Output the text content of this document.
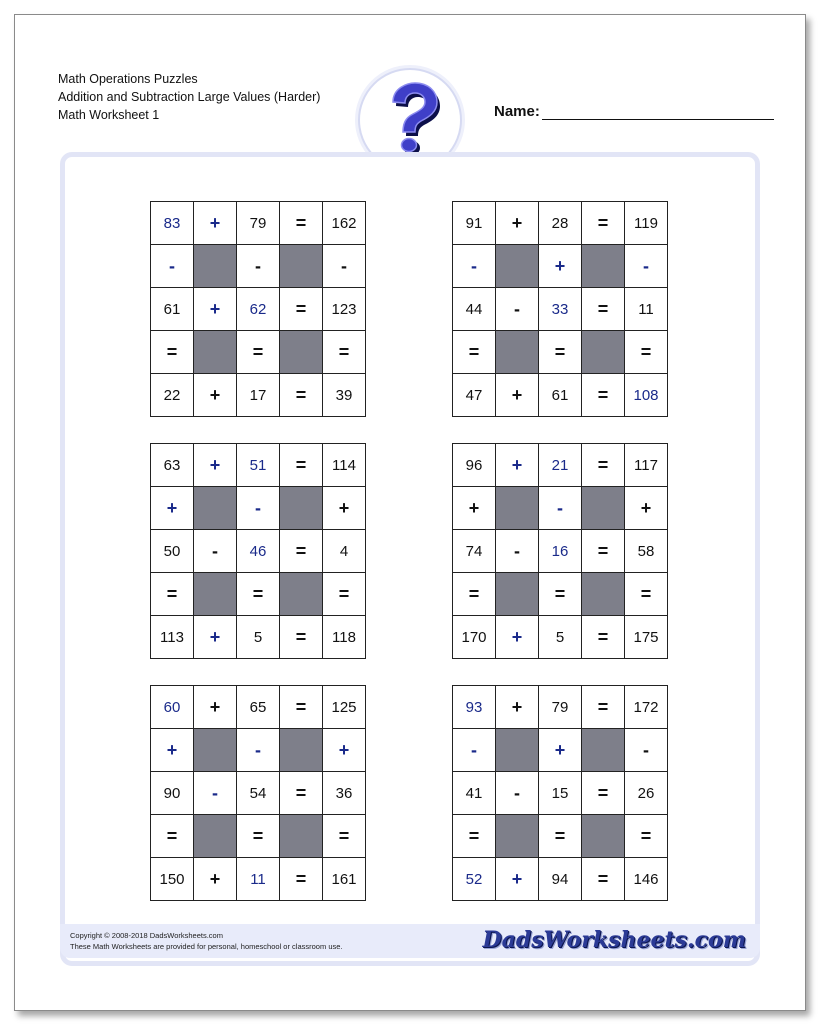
Math Operations Puzzles
Addition and Subtraction Large Values (Harder)
Math Worksheet 1	Name:
83	+	79	=	162
-		-		-
61	+	62	=	123
=		=		=
22	+	17	=	39
91	+	28	=	119
-		+		-
44	-	33	=	11
=		=		=
47	+	61	=	108
63	+	51	=	114
+		-		+
50	-	46	=	4
=		=		=
113	+	5	=	118
96	+	21	=	117
+		-		+
74	-	16	=	58
=		=		=
170	+	5	=	175
60	+	65	=	125
+		-		+
90	-	54	=	36
=		=		=
150	+	11	=	161
93	+	79	=	172
-		+		-
41	-	15	=	26
=		=		=
52	+	94	=	146
Copyright © 2008-2018 DadsWorksheets.com
These Math Worksheets are provided for personal, homeschool or classroom use.	DadsWorksheets.com
